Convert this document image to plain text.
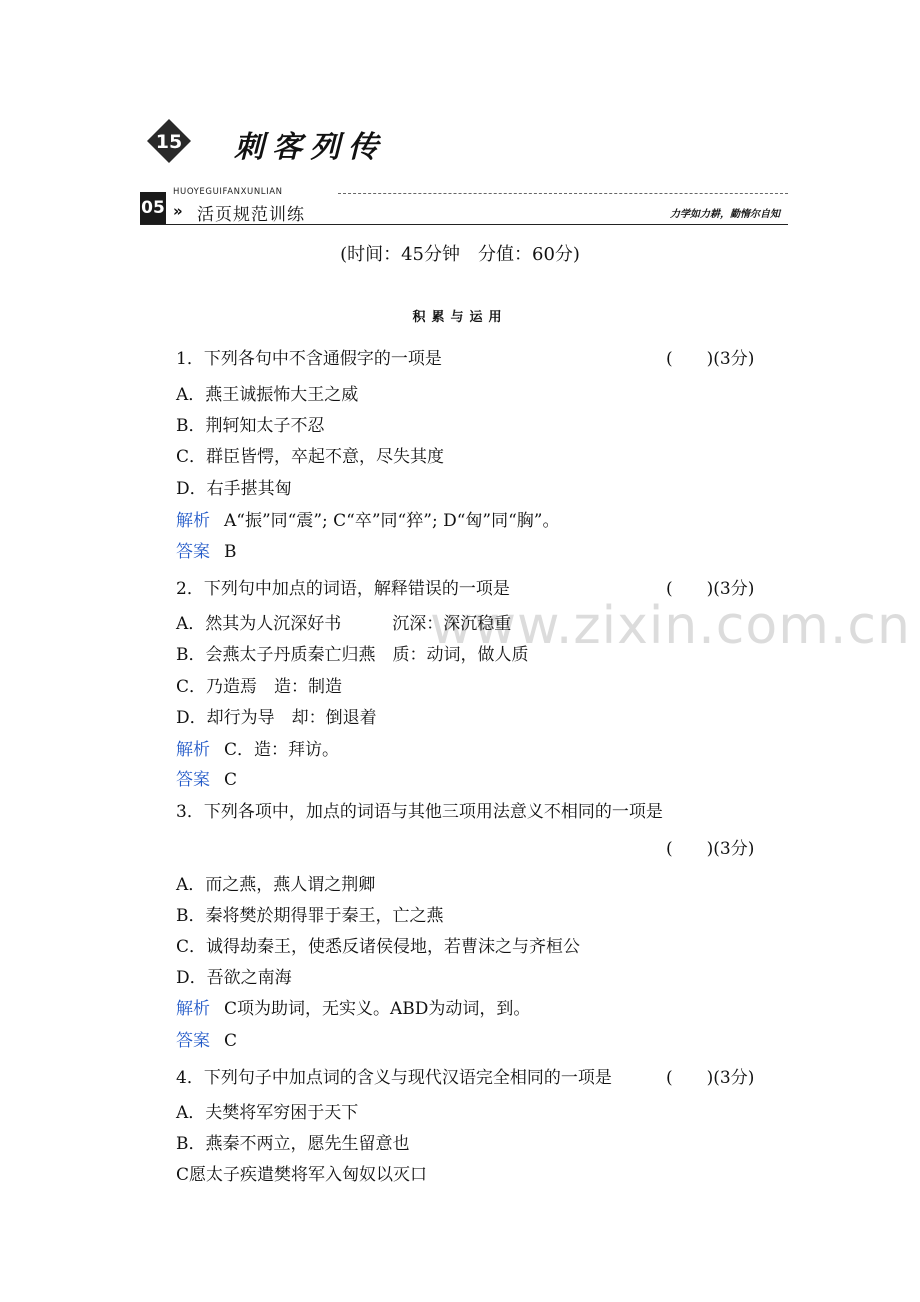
15 刺客列传
05
HUOYEGUIFANXUNLIAN
» 活页规范训练	力学如力耕，勤惰尔自知
(时间：45分钟　分值：60分)
积累与运用
www.zixin.com.cn
1．下列各句中不含通假字的一项是	(　　)(3分)
A．燕王诚振怖大王之威
B．荆轲知太子不忍
C．群臣皆愕，卒起不意，尽失其度
D．右手揕其匈
解析 A“振”同“震”; C“卒”同“猝”; D“匈”同“胸”。
答案 B
2．下列句中加点的词语，解释错误的一项是	(　　)(3分)
A．然其为人沉深好书　　　沉深：深沉稳重
B．会燕太子丹质秦亡归燕　质：动词，做人质
C．乃造焉　造：制造
D．却行为导　却：倒退着
解析 C．造：拜访。
答案 C
3．下列各项中，加点的词语与其他三项用法意义不相同的一项是
(　　)(3分)
A．而之燕，燕人谓之荆卿
B．秦将樊於期得罪于秦王，亡之燕
C．诚得劫秦王，使悉反诸侯侵地，若曹沫之与齐桓公
D．吾欲之南海
解析 C项为助词，无实义。ABD为动词，到。
答案 C
4．下列句子中加点词的含义与现代汉语完全相同的一项是	(　　)(3分)
A．夫樊将军穷困于天下
B．燕秦不两立，愿先生留意也
C愿太子疾遣樊将军入匈奴以灭口
